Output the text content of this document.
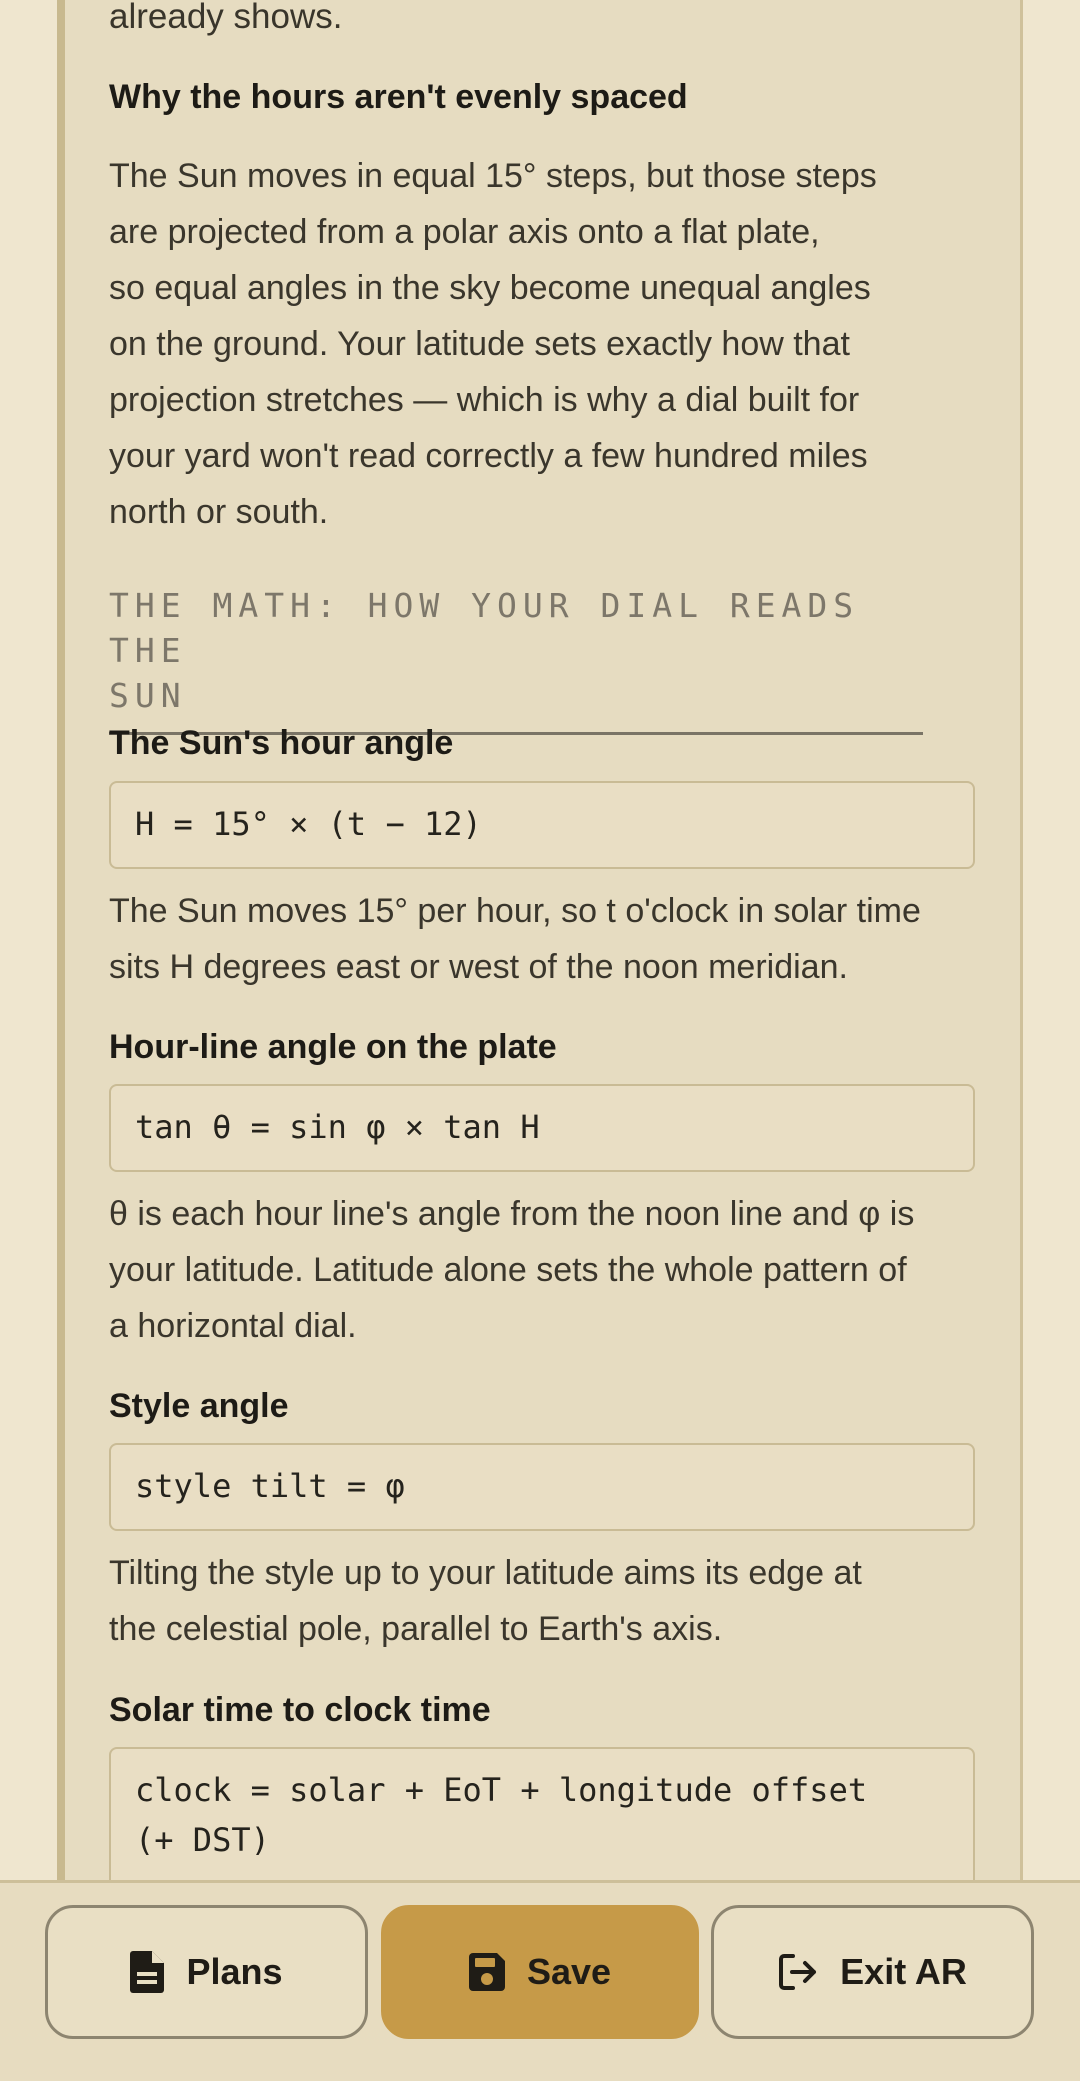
already shows.
Why the hours aren't evenly spaced

The Sun moves in equal 15° steps, but those steps
are projected from a polar axis onto a flat plate,
so equal angles in the sky become unequal angles
on the ground. Your latitude sets exactly how that
projection stretches — which is why a dial built for
your yard won't read correctly a few hundred miles
north or south.

THE MATH: HOW YOUR DIAL READS THE
SUN
The Sun's hour angle
H = 15° × (t − 12)

The Sun moves 15° per hour, so t o'clock in solar time
sits H degrees east or west of the noon meridian.

Hour-line angle on the plate
tan θ = sin φ × tan H

θ is each hour line's angle from the noon line and φ is
your latitude. Latitude alone sets the whole pattern of
a horizontal dial.

Style angle
style tilt = φ

Tilting the style up to your latitude aims its edge at
the celestial pole, parallel to Earth's axis.

Solar time to clock time
clock = solar + EoT + longitude offset
(+ DST)
Plans	Save	Exit AR
